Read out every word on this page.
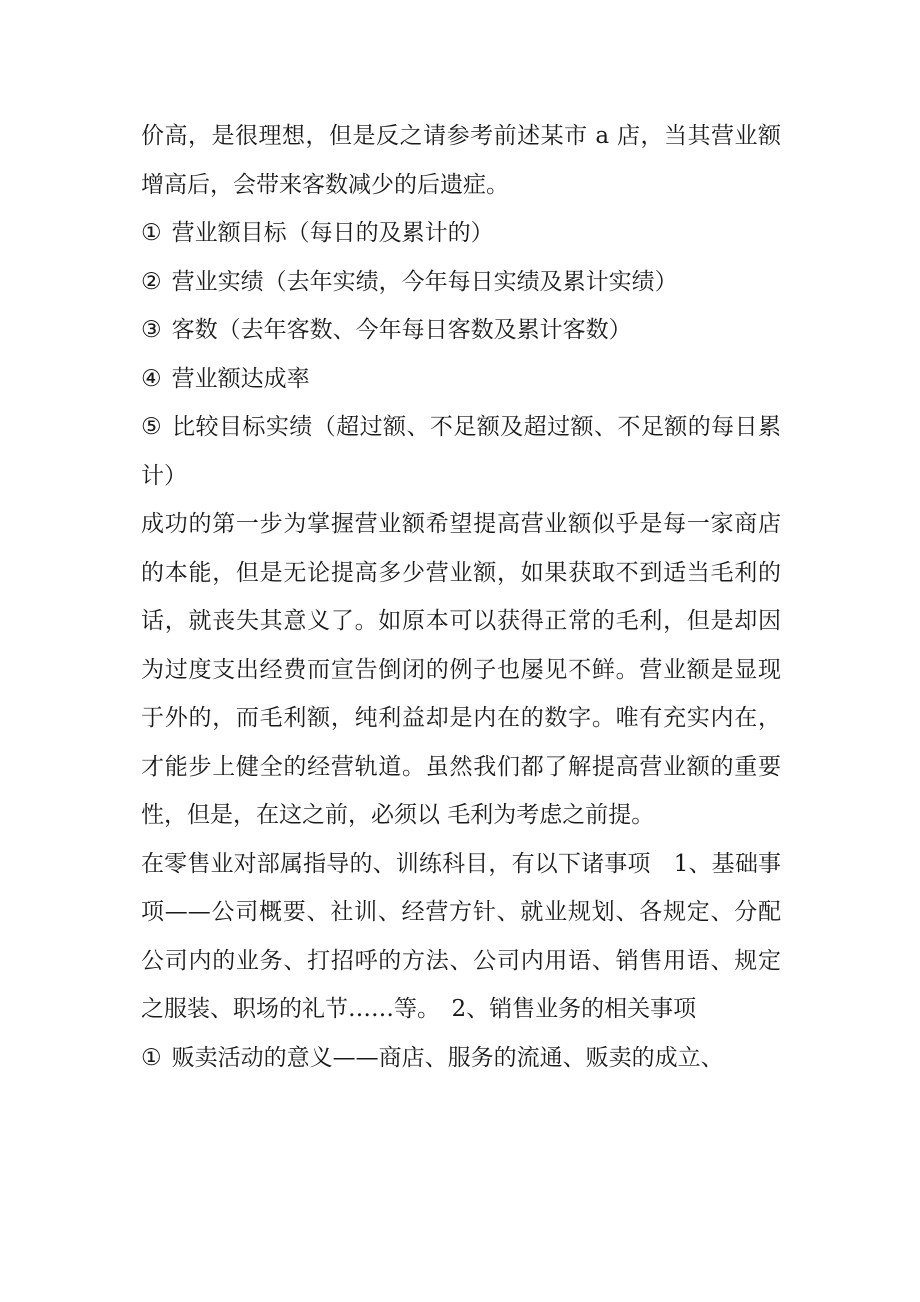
价高，是很理想，但是反之请参考前述某市 a 店，当其营业额增高后，会带来客数减少的后遗症。

① 营业额目标（每日的及累计的）

② 营业实绩（去年实绩，今年每日实绩及累计实绩）

③ 客数（去年客数、今年每日客数及累计客数）

④ 营业额达成率

⑤ 比较目标实绩（超过额、不足额及超过额、不足额的每日累计）

成功的第一步为掌握营业额希望提高营业额似乎是每一家商店的本能，但是无论提高多少营业额，如果获取不到适当毛利的话，就丧失其意义了。如原本可以获得正常的毛利，但是却因为过度支出经费而宣告倒闭的例子也屡见不鲜。营业额是显现于外的，而毛利额，纯利益却是内在的数字。唯有充实内在，才能步上健全的经营轨道。虽然我们都了解提高营业额的重要性，但是，在这之前，必须以 毛利为考虑之前提。

在零售业对部属指导的、训练科目，有以下诸事项　1、基础事项——公司概要、社训、经营方针、就业规划、各规定、分配公司内的业务、打招呼的方法、公司内用语、销售用语、规定之服装、职场的礼节……等。　2、销售业务的相关事项

① 贩卖活动的意义——商店、服务的流通、贩卖的成立、
